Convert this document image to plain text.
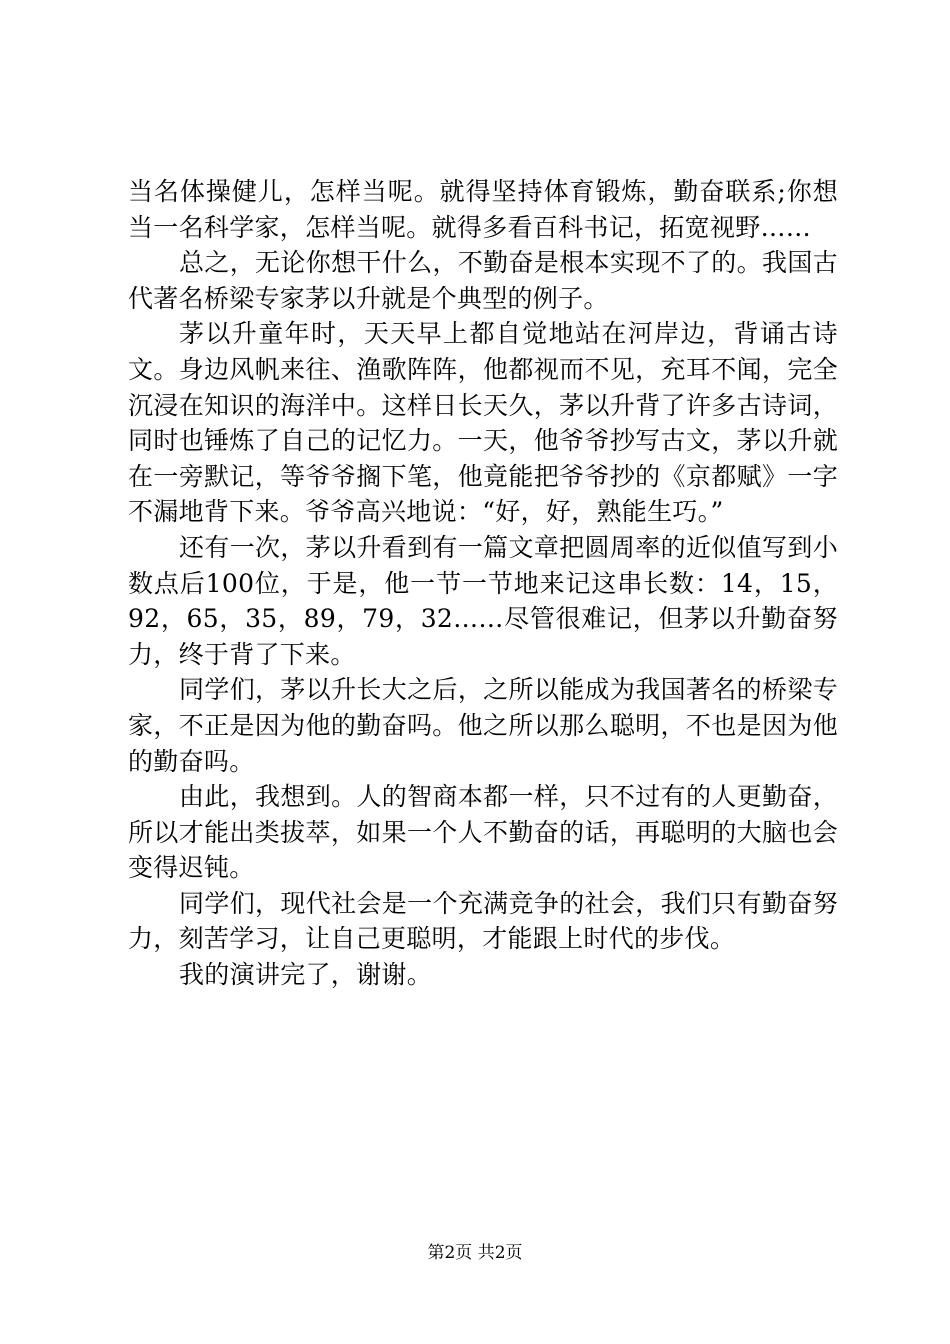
当名体操健儿，怎样当呢。就得坚持体育锻炼，勤奋联系;你想当一名科学家，怎样当呢。就得多看百科书记，拓宽视野……

总之，无论你想干什么，不勤奋是根本实现不了的。我国古代著名桥梁专家茅以升就是个典型的例子。

茅以升童年时，天天早上都自觉地站在河岸边，背诵古诗文。身边风帆来往、渔歌阵阵，他都视而不见，充耳不闻，完全沉浸在知识的海洋中。这样日长天久，茅以升背了许多古诗词，同时也锤炼了自己的记忆力。一天，他爷爷抄写古文，茅以升就在一旁默记，等爷爷搁下笔，他竟能把爷爷抄的《京都赋》一字不漏地背下来。爷爷高兴地说：“好，好，熟能生巧。”

还有一次，茅以升看到有一篇文章把圆周率的近似值写到小数点后100位，于是，他一节一节地来记这串长数：14，15，92，65，35，89，79，32……尽管很难记，但茅以升勤奋努力，终于背了下来。

同学们，茅以升长大之后，之所以能成为我国著名的桥梁专家，不正是因为他的勤奋吗。他之所以那么聪明，不也是因为他的勤奋吗。

由此，我想到。人的智商本都一样，只不过有的人更勤奋，所以才能出类拔萃，如果一个人不勤奋的话，再聪明的大脑也会变得迟钝。

同学们，现代社会是一个充满竞争的社会，我们只有勤奋努力，刻苦学习，让自己更聪明，才能跟上时代的步伐。

我的演讲完了，谢谢。

第2页 共2页
